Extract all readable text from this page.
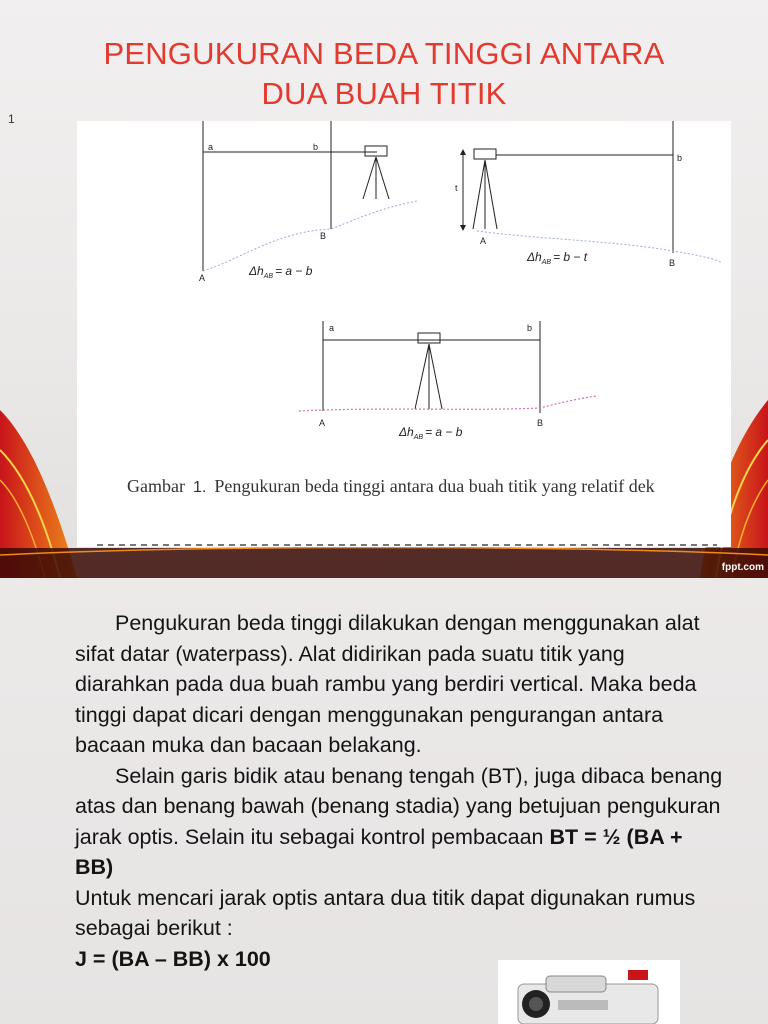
PENGUKURAN BEDA TINGGI ANTARA
DUA BUAH TITIK
1
a	b
A
B
$\Delta h_{AB} = a - b$
t
A
b
B
$\Delta h_{AB} = b - t$
a	b
A	B
$\Delta h_{AB} = a - b$
Gambar 1. Pengukuran beda tinggi antara dua buah titik yang relatif dek
fppt.com

Pengukuran beda tinggi dilakukan dengan menggunakan alat sifat datar (waterpass). Alat didirikan pada suatu titik yang diarahkan pada dua buah rambu yang berdiri vertical. Maka beda tinggi dapat dicari dengan menggunakan pengurangan antara bacaan muka dan bacaan belakang.

Selain garis bidik atau benang tengah (BT), juga dibaca benang atas dan benang bawah (benang stadia) yang betujuan pengukuran jarak optis. Selain itu sebagai kontrol pembacaan BT = ½ (BA + BB)

Untuk mencari jarak optis antara dua titik dapat digunakan rumus sebagai berikut :

J = (BA – BB) x 100
